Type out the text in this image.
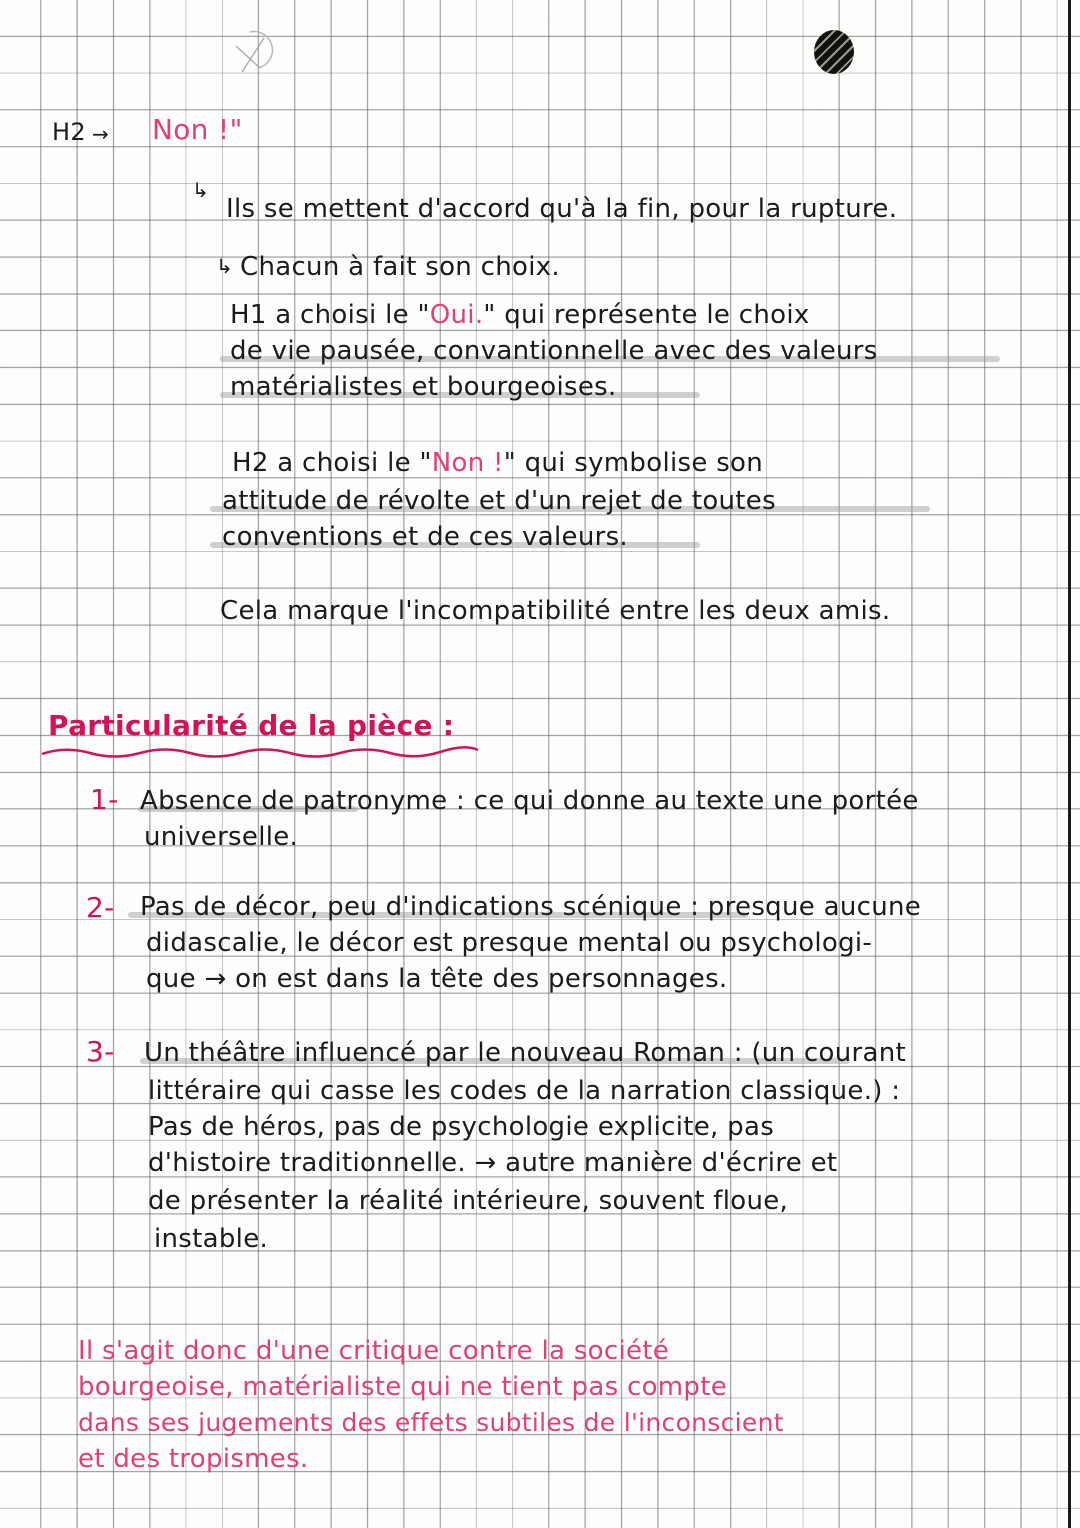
H2 → Non !"
↳
Ils se mettent d'accord qu'à la fin, pour la rupture.
↳ Chacun à fait son choix.
H1 a choisi le "Oui." qui représente le choix
de vie pausée, convantionnelle avec des valeurs
matérialistes et bourgeoises.
H2 a choisi le "Non !" qui symbolise son
attitude de révolte et d'un rejet de toutes
conventions et de ces valeurs.
Cela marque l'incompatibilité entre les deux amis.
Particularité de la pièce :
1- Absence de patronyme : ce qui donne au texte une portée
universelle.
2- Pas de décor, peu d'indications scénique : presque aucune
didascalie, le décor est presque mental ou psychologi-
que → on est dans la tête des personnages.
3- Un théâtre influencé par le nouveau Roman : (un courant
littéraire qui casse les codes de la narration classique.) :
Pas de héros, pas de psychologie explicite, pas
d'histoire traditionnelle. → autre manière d'écrire et
de présenter la réalité intérieure, souvent floue,
instable.
Il s'agit donc d'une critique contre la société
bourgeoise, matérialiste qui ne tient pas compte
dans ses jugements des effets subtiles de l'inconscient
et des tropismes.
